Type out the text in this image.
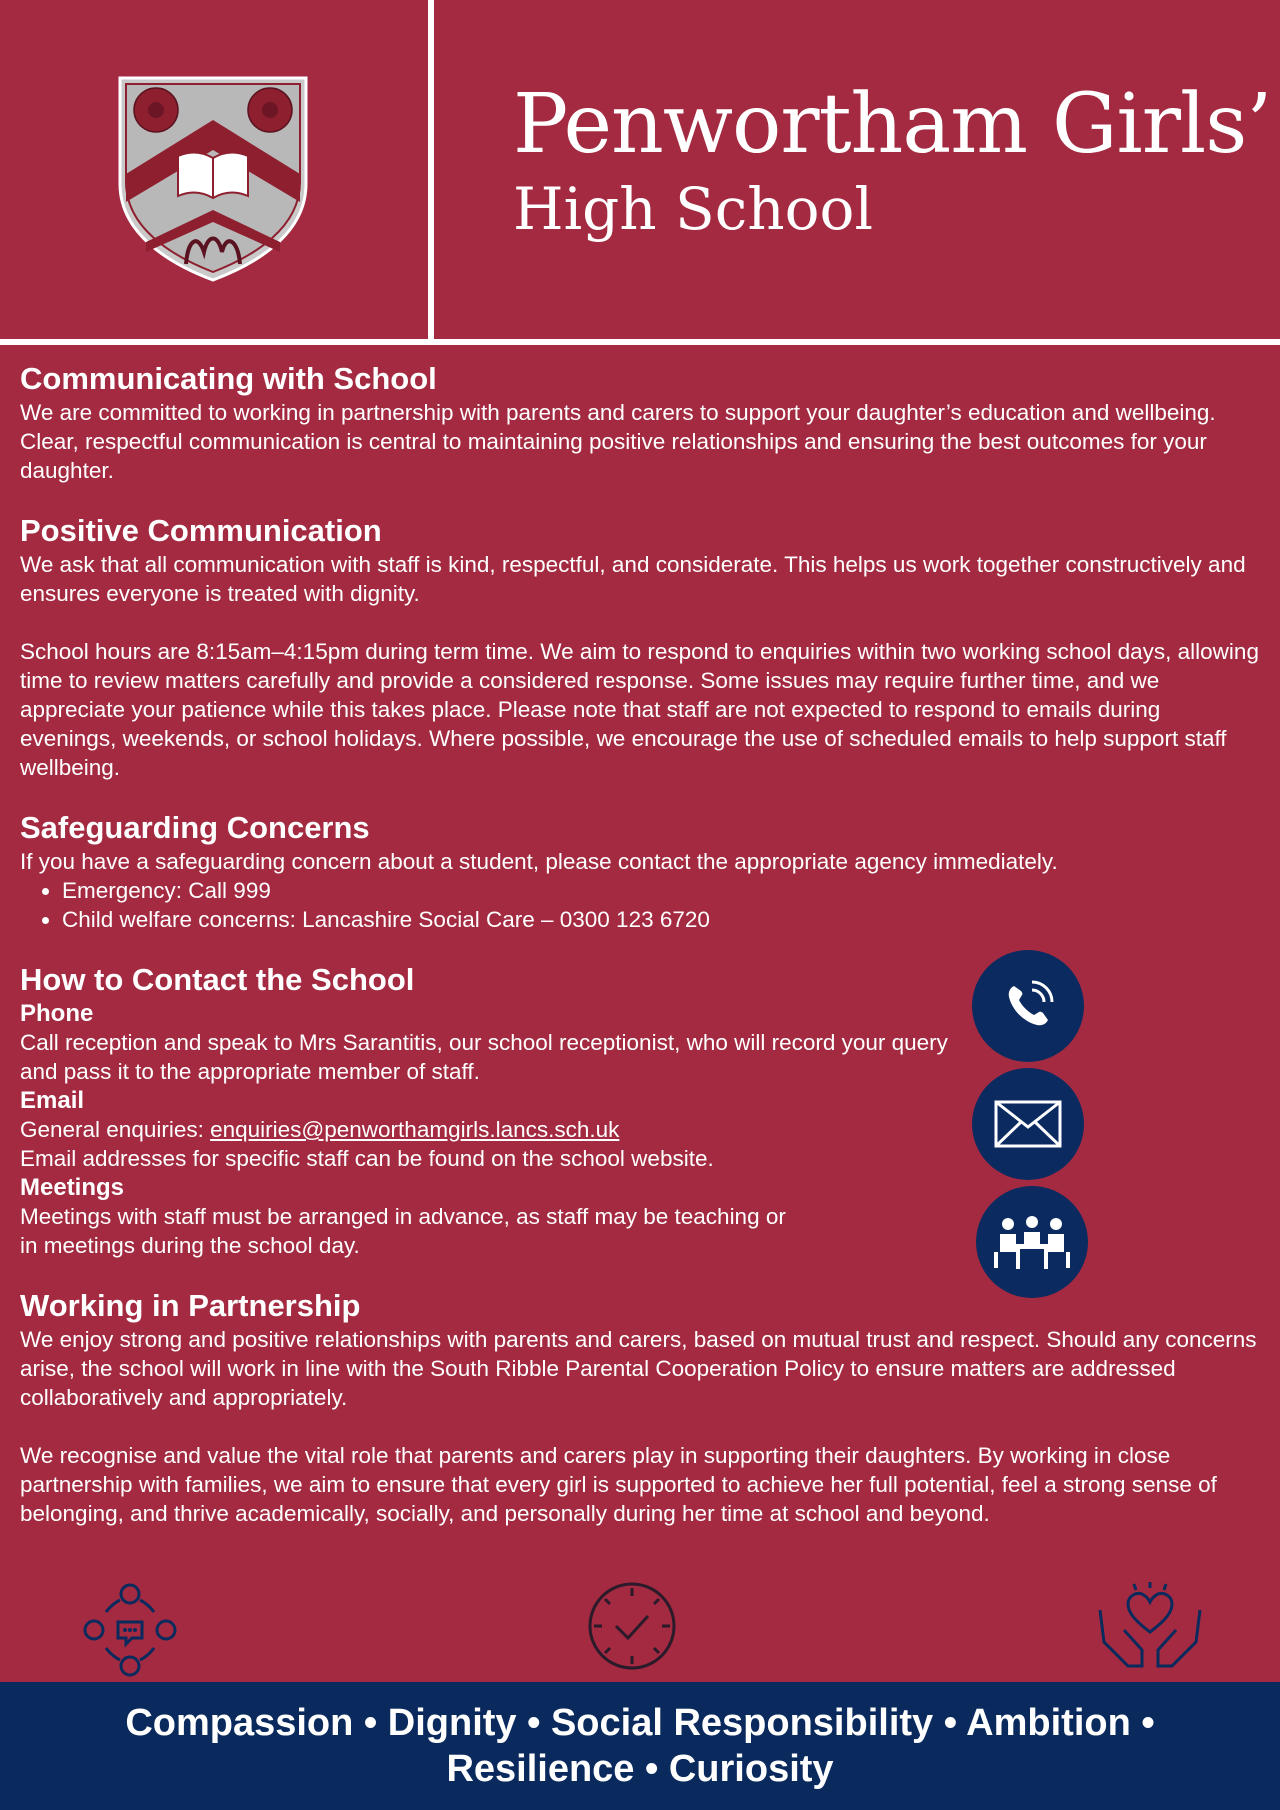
Penwortham Girls’
High School
Communicating with School

We are committed to working in partnership with parents and carers to support your daughter’s education and wellbeing. Clear, respectful communication is central to maintaining positive relationships and ensuring the best outcomes for your daughter.

Positive Communication

We ask that all communication with staff is kind, respectful, and considerate. This helps us work together constructively and ensures everyone is treated with dignity.

School hours are 8:15am–4:15pm during term time. We aim to respond to enquiries within two working school days, allowing time to review matters carefully and provide a considered response. Some issues may require further time, and we appreciate your patience while this takes place. Please note that staff are not expected to respond to emails during evenings, weekends, or school holidays. Where possible, we encourage the use of scheduled emails to help support staff wellbeing.

Safeguarding Concerns

If you have a safeguarding concern about a student, please contact the appropriate agency immediately.

• Emergency: Call 999
• Child welfare concerns: Lancashire Social Care – 0300 123 6720
How to Contact the School
Phone

Call reception and speak to Mrs Sarantitis, our school receptionist, who will record your query and pass it to the appropriate member of staff.

Email

General enquiries: enquiries@penworthamgirls.lancs.sch.uk

Email addresses for specific staff can be found on the school website.

Meetings

Meetings with staff must be arranged in advance, as staff may be teaching or

in meetings during the school day.

Working in Partnership

We enjoy strong and positive relationships with parents and carers, based on mutual trust and respect. Should any concerns arise, the school will work in line with the South Ribble Parental Cooperation Policy to ensure matters are addressed collaboratively and appropriately.

We recognise and value the vital role that parents and carers play in supporting their daughters. By working in close partnership with families, we aim to ensure that every girl is supported to achieve her full potential, feel a strong sense of belonging, and thrive academically, socially, and personally during her time at school and beyond.

Compassion • Dignity • Social Responsibility • Ambition •
Resilience • Curiosity
